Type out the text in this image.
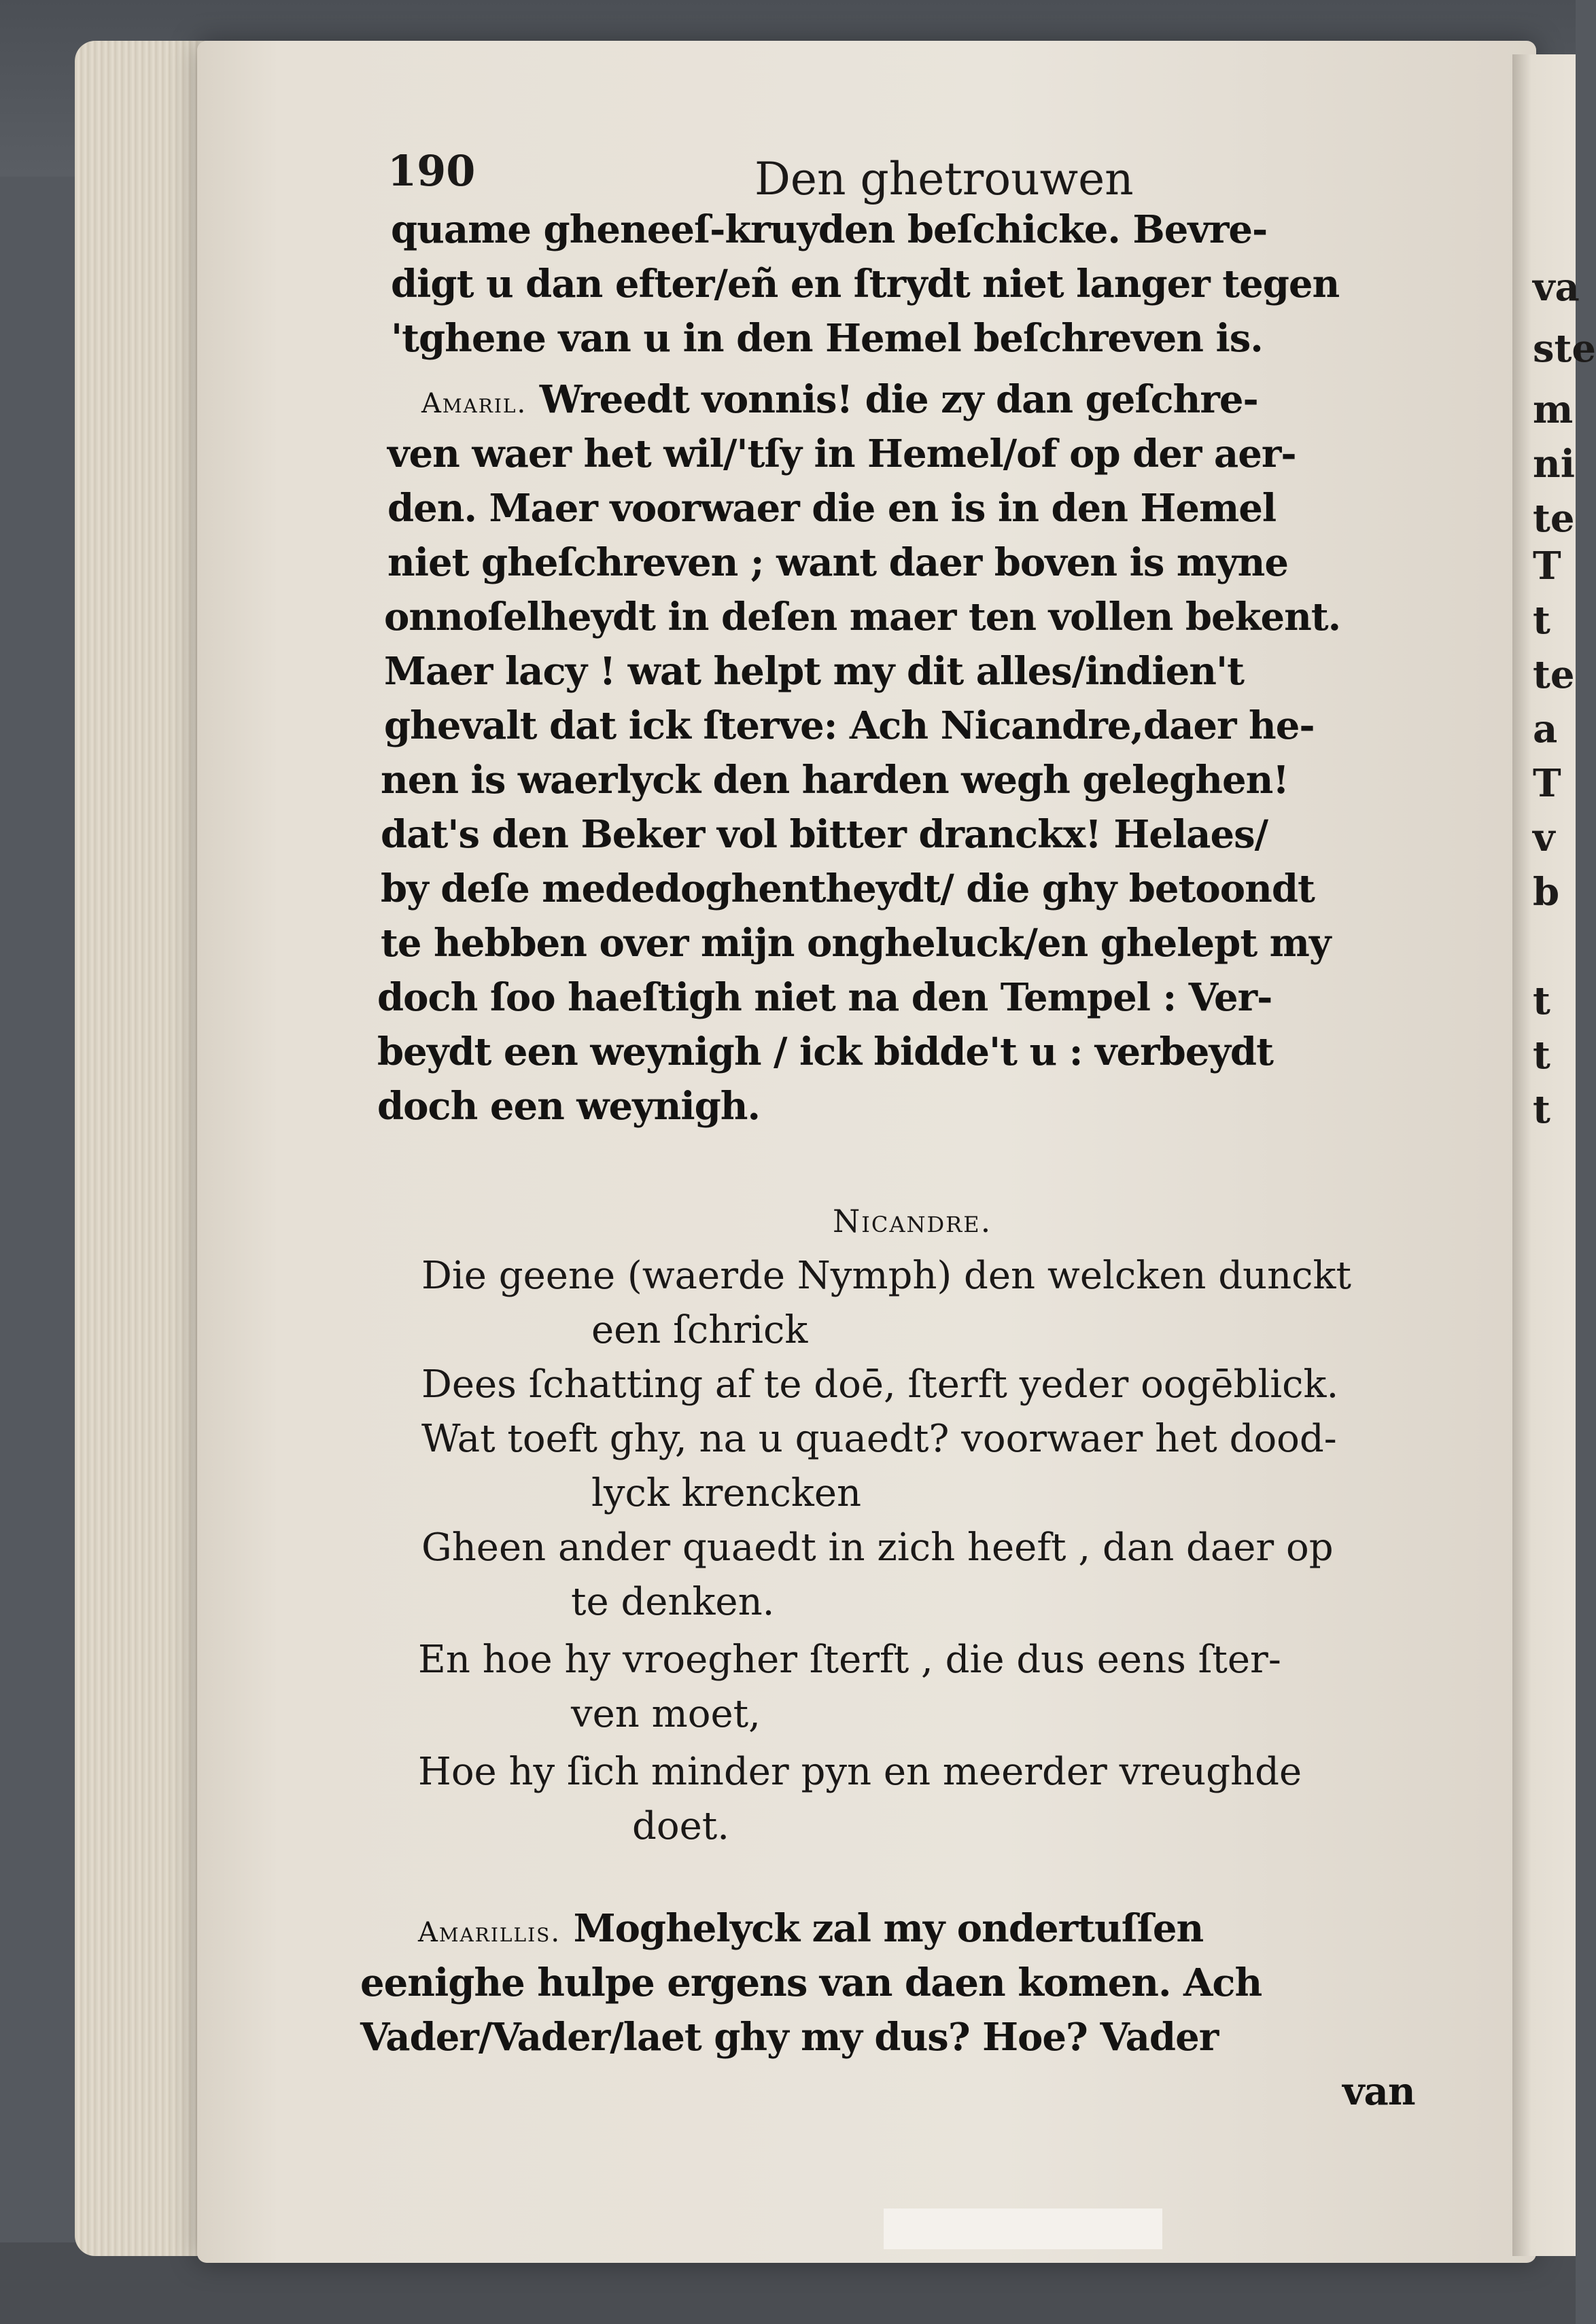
va
ste
m
ni
te
T
t
te
a
T
v
b
t
t
t
190	Den ghetrouwen
quame gheneeſ-kruyden beſchicke. Bevre-
digt u dan efter/eñ en ſtrydt niet langer tegen
'tghene van u in den Hemel beſchreven is.
Amaril. Wreedt vonnis! die zy dan geſchre-
ven waer het wil/'tſy in Hemel/of op der aer-
den. Maer voorwaer die en is in den Hemel
niet gheſchreven ; want daer boven is myne
onnoſelheydt in deſen maer ten vollen bekent.
Maer lacy ! wat helpt my dit alles/indien't
ghevalt dat ick ſterve: Ach Nicandre,daer he-
nen is waerlyck den harden wegh geleghen!
dat's den Beker vol bitter dranckx! Helaes/
by deſe mededoghentheydt/ die ghy betoondt
te hebben over mijn ongheluck/en ghelept my
doch ſoo haeſtigh niet na den Tempel : Ver-
beydt een weynigh / ick bidde't u : verbeydt
doch een weynigh.
Nicandre.
Die geene (waerde Nymph) den welcken dunckt
een ſchrick
Dees ſchatting af te doē, ſterft yeder oogēblick.
Wat toeft ghy, na u quaedt? voorwaer het dood-
lyck krencken
Gheen ander quaedt in zich heeft , dan daer op
te denken.
En hoe hy vroegher ſterft , die dus eens ſter-
ven moet,
Hoe hy ſich minder pyn en meerder vreughde
doet.
Amarillis. Moghelyck zal my ondertuſſen
eenighe hulpe ergens van daen komen. Ach
Vader/Vader/laet ghy my dus? Hoe? Vader
van
